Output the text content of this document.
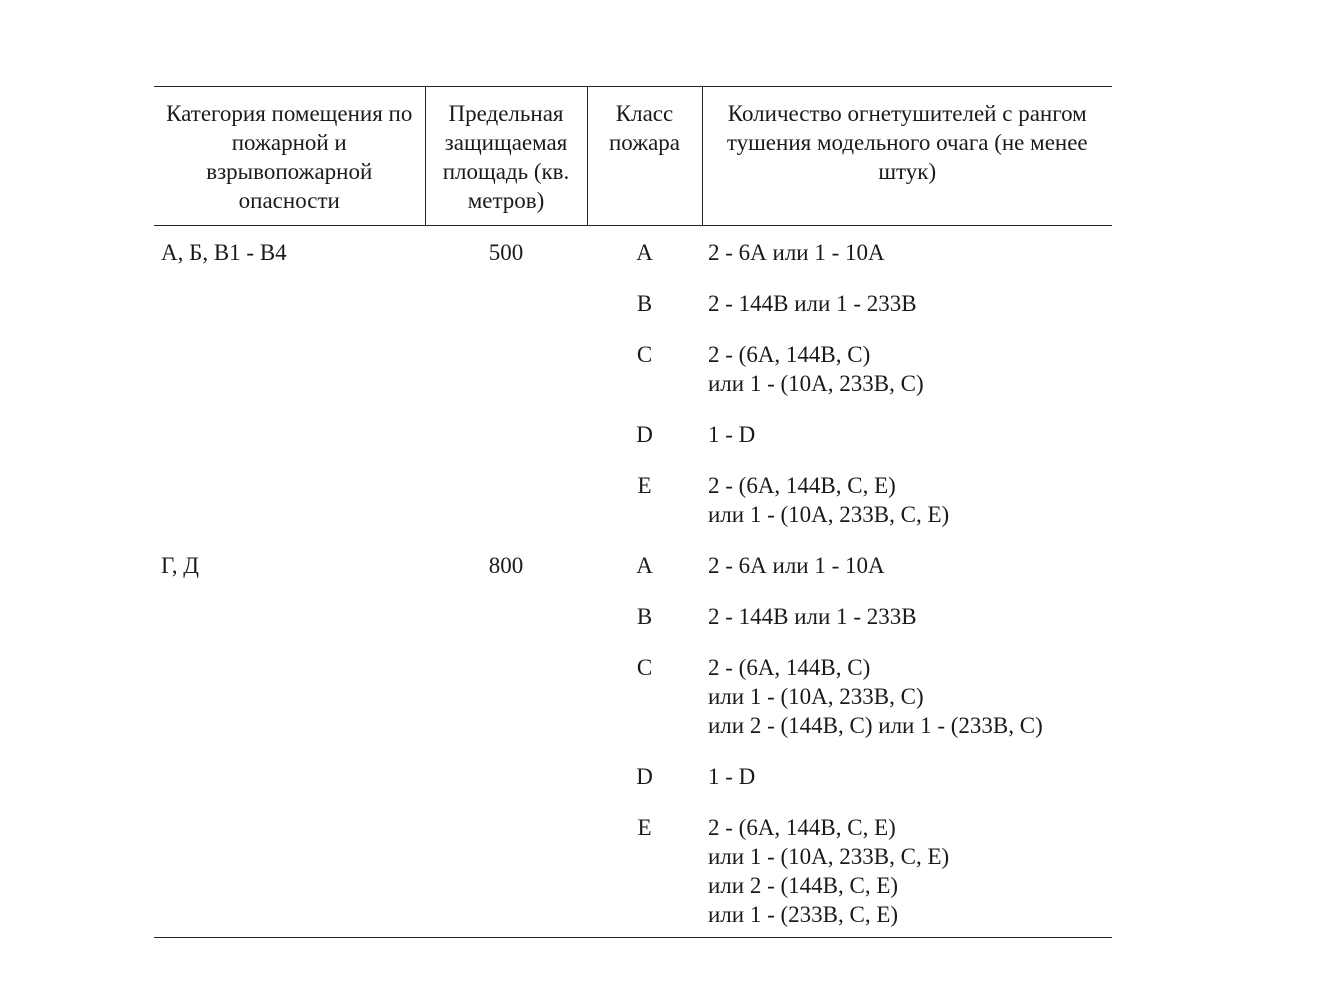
Категория помещения по пожарной и взрывопожарной опасности	Предельная защищаемая площадь (кв. метров)	Класс пожара	Количество огнетушителей с рангом тушения модельного очага (не менее штук)
А, Б, В1 - В4	500	А	2 - 6А или 1 - 10А

		В	2 - 144В или 1 - 233В

		С	2 - (6А, 144В, С)
или 1 - (10А, 233В, С)

		D	1 - D

		Е	2 - (6А, 144В, С, Е)
или 1 - (10А, 233В, С, Е)

Г, Д	800	А	2 - 6А или 1 - 10А

		В	2 - 144В или 1 - 233В

		С	2 - (6А, 144В, С)
или 1 - (10А, 233В, С)
или 2 - (144В, С) или 1 - (233В, С)

		D	1 - D

		Е	2 - (6А, 144В, С, Е)
или 1 - (10А, 233В, С, Е)
или 2 - (144В, С, Е)
или 1 - (233В, С, Е)
